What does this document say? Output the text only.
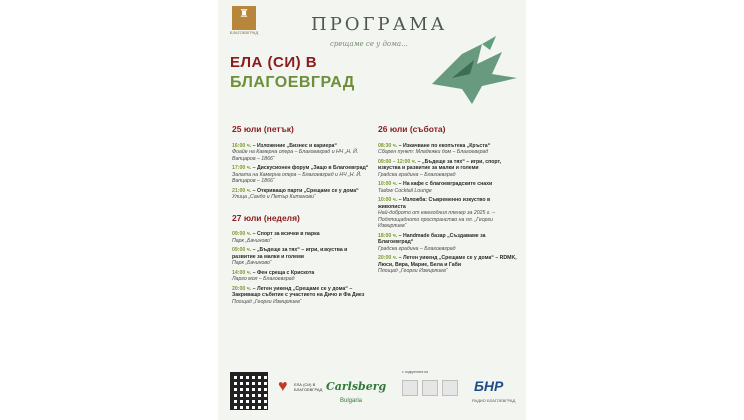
♜
БЛАГОЕВГРАД	ПРОГРАМА
срещаме се у дома...
ЕЛА (СИ) В
БЛАГОЕВГРАД
25 юли (петък)
16:00 ч. – Изложение „Бизнес и кариера“
Фоайе на Камерна опера – Благоевград и НЧ „Н. Й. Вапцаров – 1866“
17:00 ч. – Дискусионен форум „Защо в Благоевград“
Залата на Камерна опера – Благоевград и НЧ „Н. Й. Вапцаров – 1866“
21:00 ч. – Откриващо парти „Срещаме се у дома“
Улица „Сандо и Петър Китанови“
27 юли (неделя)
09:00 ч. – Спорт за всички в парка
Парк „Бачиново“
09:00 ч. – „Бъдеще за тях“ – игри, изкуства и развитие за малки и големи
Парк „Бачиново“
14:00 ч. – Фен среща с Крискота
Ларго мол – Благоевград
20:00 ч. – Летен уикенд „Срещаме се у дома“ – Закриващо събитие с участието на Дичо и Фа Диез
Площад „Георги Измирлиев“
26 юли (събота)
08:30 ч. – Изкачване по екопътека „Кръста“
Сборен пункт: Младежки дом – Благоевград
09:00 – 12:00 ч. – „Бъдеще за тях“ – игри, спорт, изкуства и развитие за малки и големи
Градска градина – Благоевград
10:00 ч. – На кафе с благоевградските снахи
Tadow Cocktail Lounge
10:00 ч. – Изложба: Съвременно изкуство в живописта
Най-доброто от ежегодния пленер за 2025 г. – Подлпощадното пространство на пл. „Георги Измирлиев“
18:00 ч. – Handmade базар „Създаваме за Благоевград“
Градска градина – Благоевград
20:00 ч. – Летен уикенд „Срещаме се у дома“ – RDMK, Люси, Вяра, Марие, Бела и Габи
Площад „Георги Измирлиев“
♥ ЕЛА (СИ) В БЛАГОЕВГРАД Carlsberg
Bulgaria
с подкрепата на
БНР
РАДИО БЛАГОЕВГРАД
